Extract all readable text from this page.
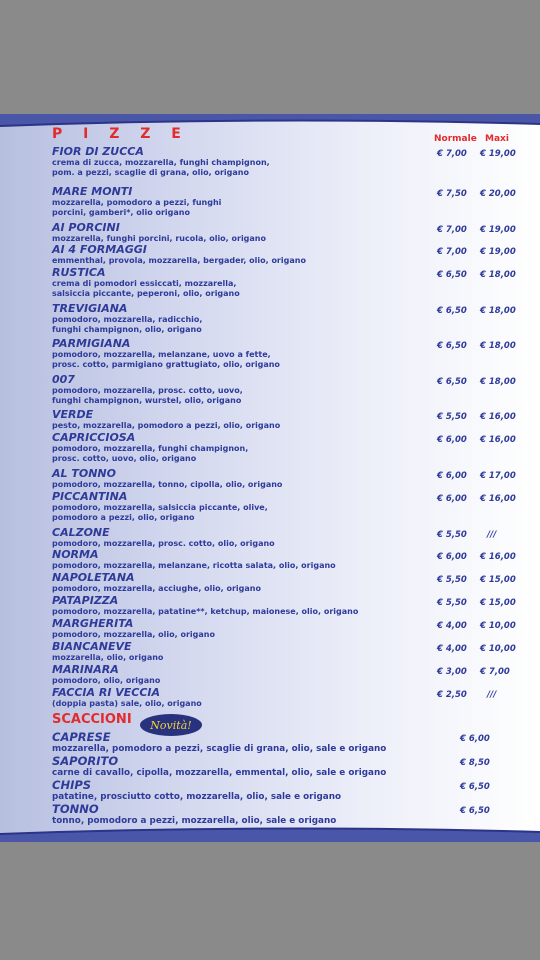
P I Z Z E	Normale Maxi
FIOR DI ZUCCA
crema di zucca, mozzarella, funghi champignon,
pom. a pezzi, scaglie di grana, olio, origano
€ 7,00 € 19,00
MARE MONTI
mozzarella, pomodoro a pezzi, funghi
porcini, gamberi*, olio origano
€ 7,50 € 20,00
AI PORCINI
mozzarella, funghi porcini, rucola, olio, origano
€ 7,00 € 19,00
AI 4 FORMAGGI
emmenthal, provola, mozzarella, bergader, olio, origano
€ 7,00 € 19,00
RUSTICA
crema di pomodori essiccati, mozzarella,
salsiccia piccante, peperoni, olio, origano
€ 6,50 € 18,00
TREVIGIANA
pomodoro, mozzarella, radicchio,
funghi champignon, olio, origano
€ 6,50 € 18,00
PARMIGIANA
pomodoro, mozzarella, melanzane, uovo a fette,
prosc. cotto, parmigiano grattugiato, olio, origano
€ 6,50 € 18,00
007
pomodoro, mozzarella, prosc. cotto, uovo,
funghi champignon, wurstel, olio, origano
€ 6,50 € 18,00
VERDE
pesto, mozzarella, pomodoro a pezzi, olio, origano
€ 5,50 € 16,00
CAPRICCIOSA
pomodoro, mozzarella, funghi champignon,
prosc. cotto, uovo, olio, origano
€ 6,00 € 16,00
AL TONNO
pomodoro, mozzarella, tonno, cipolla, olio, origano
€ 6,00 € 17,00
PICCANTINA
pomodoro, mozzarella, salsiccia piccante, olive,
pomodoro a pezzi, olio, origano
€ 6,00 € 16,00
CALZONE
pomodoro, mozzarella, prosc. cotto, olio, origano
€ 5,50 ///
NORMA
pomodoro, mozzarella, melanzane, ricotta salata, olio, origano
€ 6,00 € 16,00
NAPOLETANA
pomodoro, mozzarella, acciughe, olio, origano
€ 5,50 € 15,00
PATAPIZZA
pomodoro, mozzarella, patatine**, ketchup, maionese, olio, origano
€ 5,50 € 15,00
MARGHERITA
pomodoro, mozzarella, olio, origano
€ 4,00 € 10,00
BIANCANEVE
mozzarella, olio, origano
€ 4,00 € 10,00
MARINARA
pomodoro, olio, origano
€ 3,00 € 7,00
FACCIA RI VECCIA
(doppia pasta) sale, olio, origano
€ 2,50 ///
SCACCIONI	Novità!
CAPRESE
mozzarella, pomodoro a pezzi, scaglie di grana, olio, sale e origano
€ 6,00
SAPORITO
carne di cavallo, cipolla, mozzarella, emmental, olio, sale e origano
€ 8,50
CHIPS
patatine, prosciutto cotto, mozzarella, olio, sale e origano
€ 6,50
TONNO
tonno, pomodoro a pezzi, mozzarella, olio, sale e origano
€ 6,50
